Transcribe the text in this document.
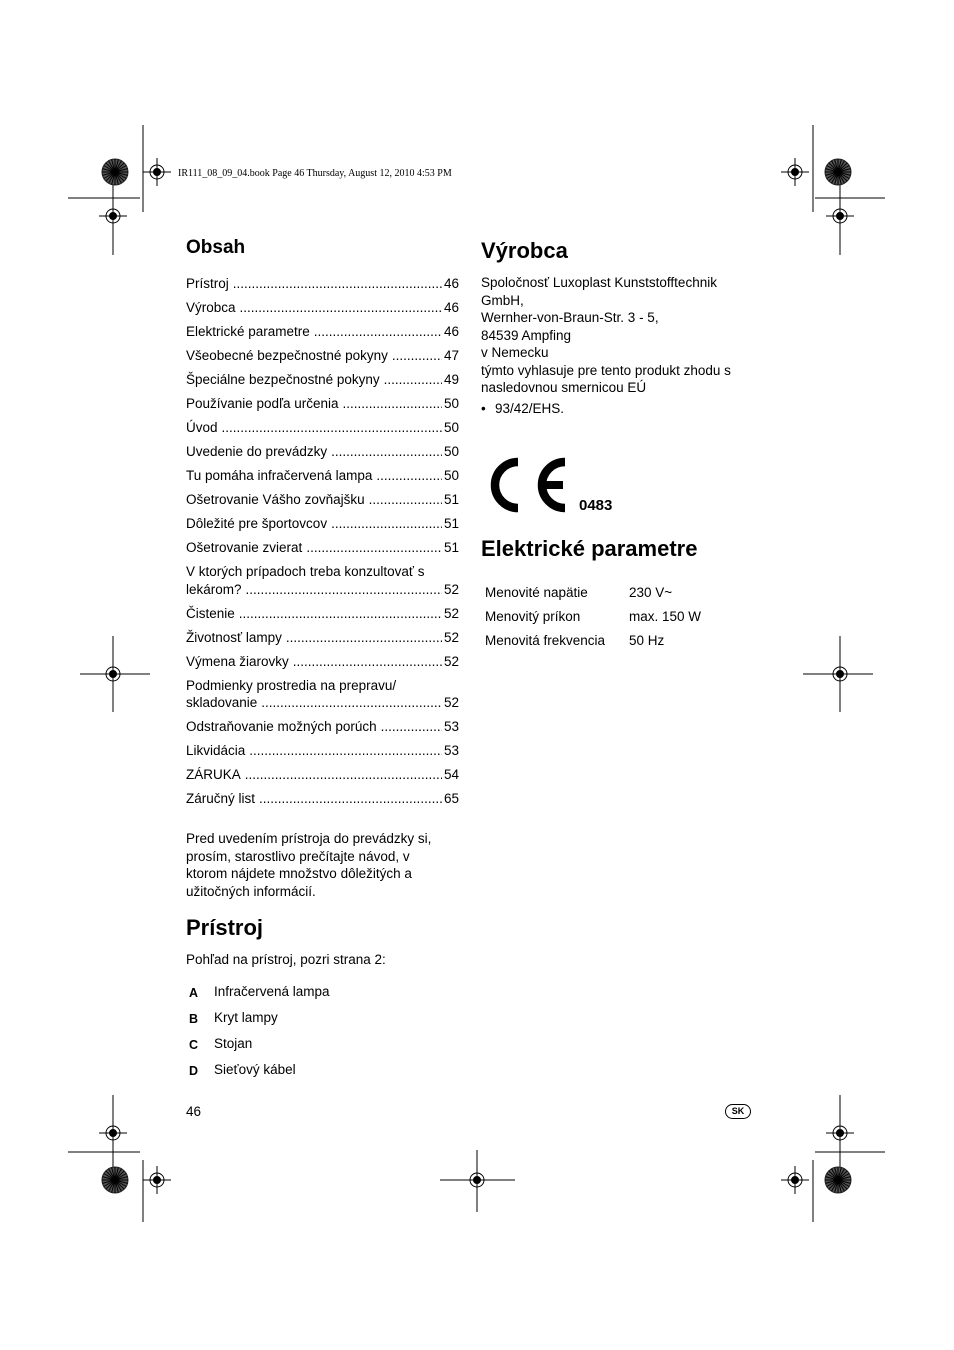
IR111_08_09_04.book Page 46 Thursday, August 12, 2010 4:53 PM
Obsah
Prístroj .....	46
Výrobca .....	46
Elektrické parametre .....	46
Všeobecné bezpečnostné pokyny .....	47
Špeciálne bezpečnostné pokyny .....	49
Používanie podľa určenia .....	50
Úvod .....	50
Uvedenie do prevádzky .....	50
Tu pomáha infračervená lampa .....	50
Ošetrovanie Vášho zovňajšku .....	51
Dôležité pre športovcov .....	51
Ošetrovanie zvierat .....	51
V ktorých prípadoch treba konzultovať s
lekárom? .....	52
Čistenie .....	52
Životnosť lampy .....	52
Výmena žiarovky .....	52
Podmienky prostredia na prepravu/
skladovanie .....	52
Odstraňovanie možných porúch .....	53
Likvidácia .....	53
ZÁRUKA .....	54
Záručný list .....	65
Pred uvedením prístroja do prevádzky si,
prosím, starostlivo prečítajte návod, v
ktorom nájdete množstvo dôležitých a
užitočných informácií.
Prístroj
Pohľad na prístroj, pozri strana 2:
A	Infračervená lampa
B	Kryt lampy
C	Stojan
D	Sieťový kábel
Výrobca
Spoločnosť Luxoplast Kunststofftechnik
GmbH,
Wernher-von-Braun-Str. 3 - 5,
84539 Ampfing
v Nemecku
týmto vyhlasuje pre tento produkt zhodu s
nasledovnou smernicou EÚ
• 93/42/EHS.
0483
Elektrické parametre
Menovité napätie	230 V~
Menovitý príkon	max. 150 W
Menovitá frekvencia	50 Hz
46	SK
